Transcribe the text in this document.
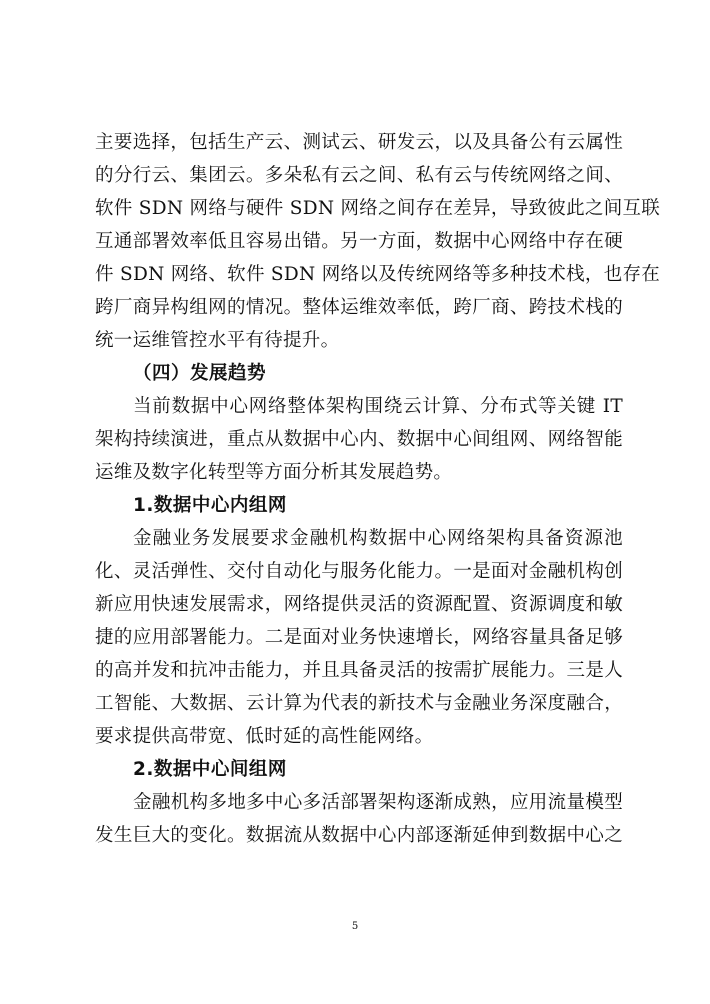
主要选择，包括生产云、测试云、研发云，以及具备公有云属性
的分行云、集团云。多朵私有云之间、私有云与传统网络之间、
软件 SDN 网络与硬件 SDN 网络之间存在差异，导致彼此之间互联
互通部署效率低且容易出错。另一方面，数据中心网络中存在硬
件 SDN 网络、软件 SDN 网络以及传统网络等多种技术栈，也存在
跨厂商异构组网的情况。整体运维效率低，跨厂商、跨技术栈的
统一运维管控水平有待提升。
（四）发展趋势
当前数据中心网络整体架构围绕云计算、分布式等关键 IT
架构持续演进，重点从数据中心内、数据中心间组网、网络智能
运维及数字化转型等方面分析其发展趋势。
1.数据中心内组网
金融业务发展要求金融机构数据中心网络架构具备资源池
化、灵活弹性、交付自动化与服务化能力。一是面对金融机构创
新应用快速发展需求，网络提供灵活的资源配置、资源调度和敏
捷的应用部署能力。二是面对业务快速增长，网络容量具备足够
的高并发和抗冲击能力，并且具备灵活的按需扩展能力。三是人
工智能、大数据、云计算为代表的新技术与金融业务深度融合，
要求提供高带宽、低时延的高性能网络。
2.数据中心间组网
金融机构多地多中心多活部署架构逐渐成熟，应用流量模型
发生巨大的变化。数据流从数据中心内部逐渐延伸到数据中心之
5
